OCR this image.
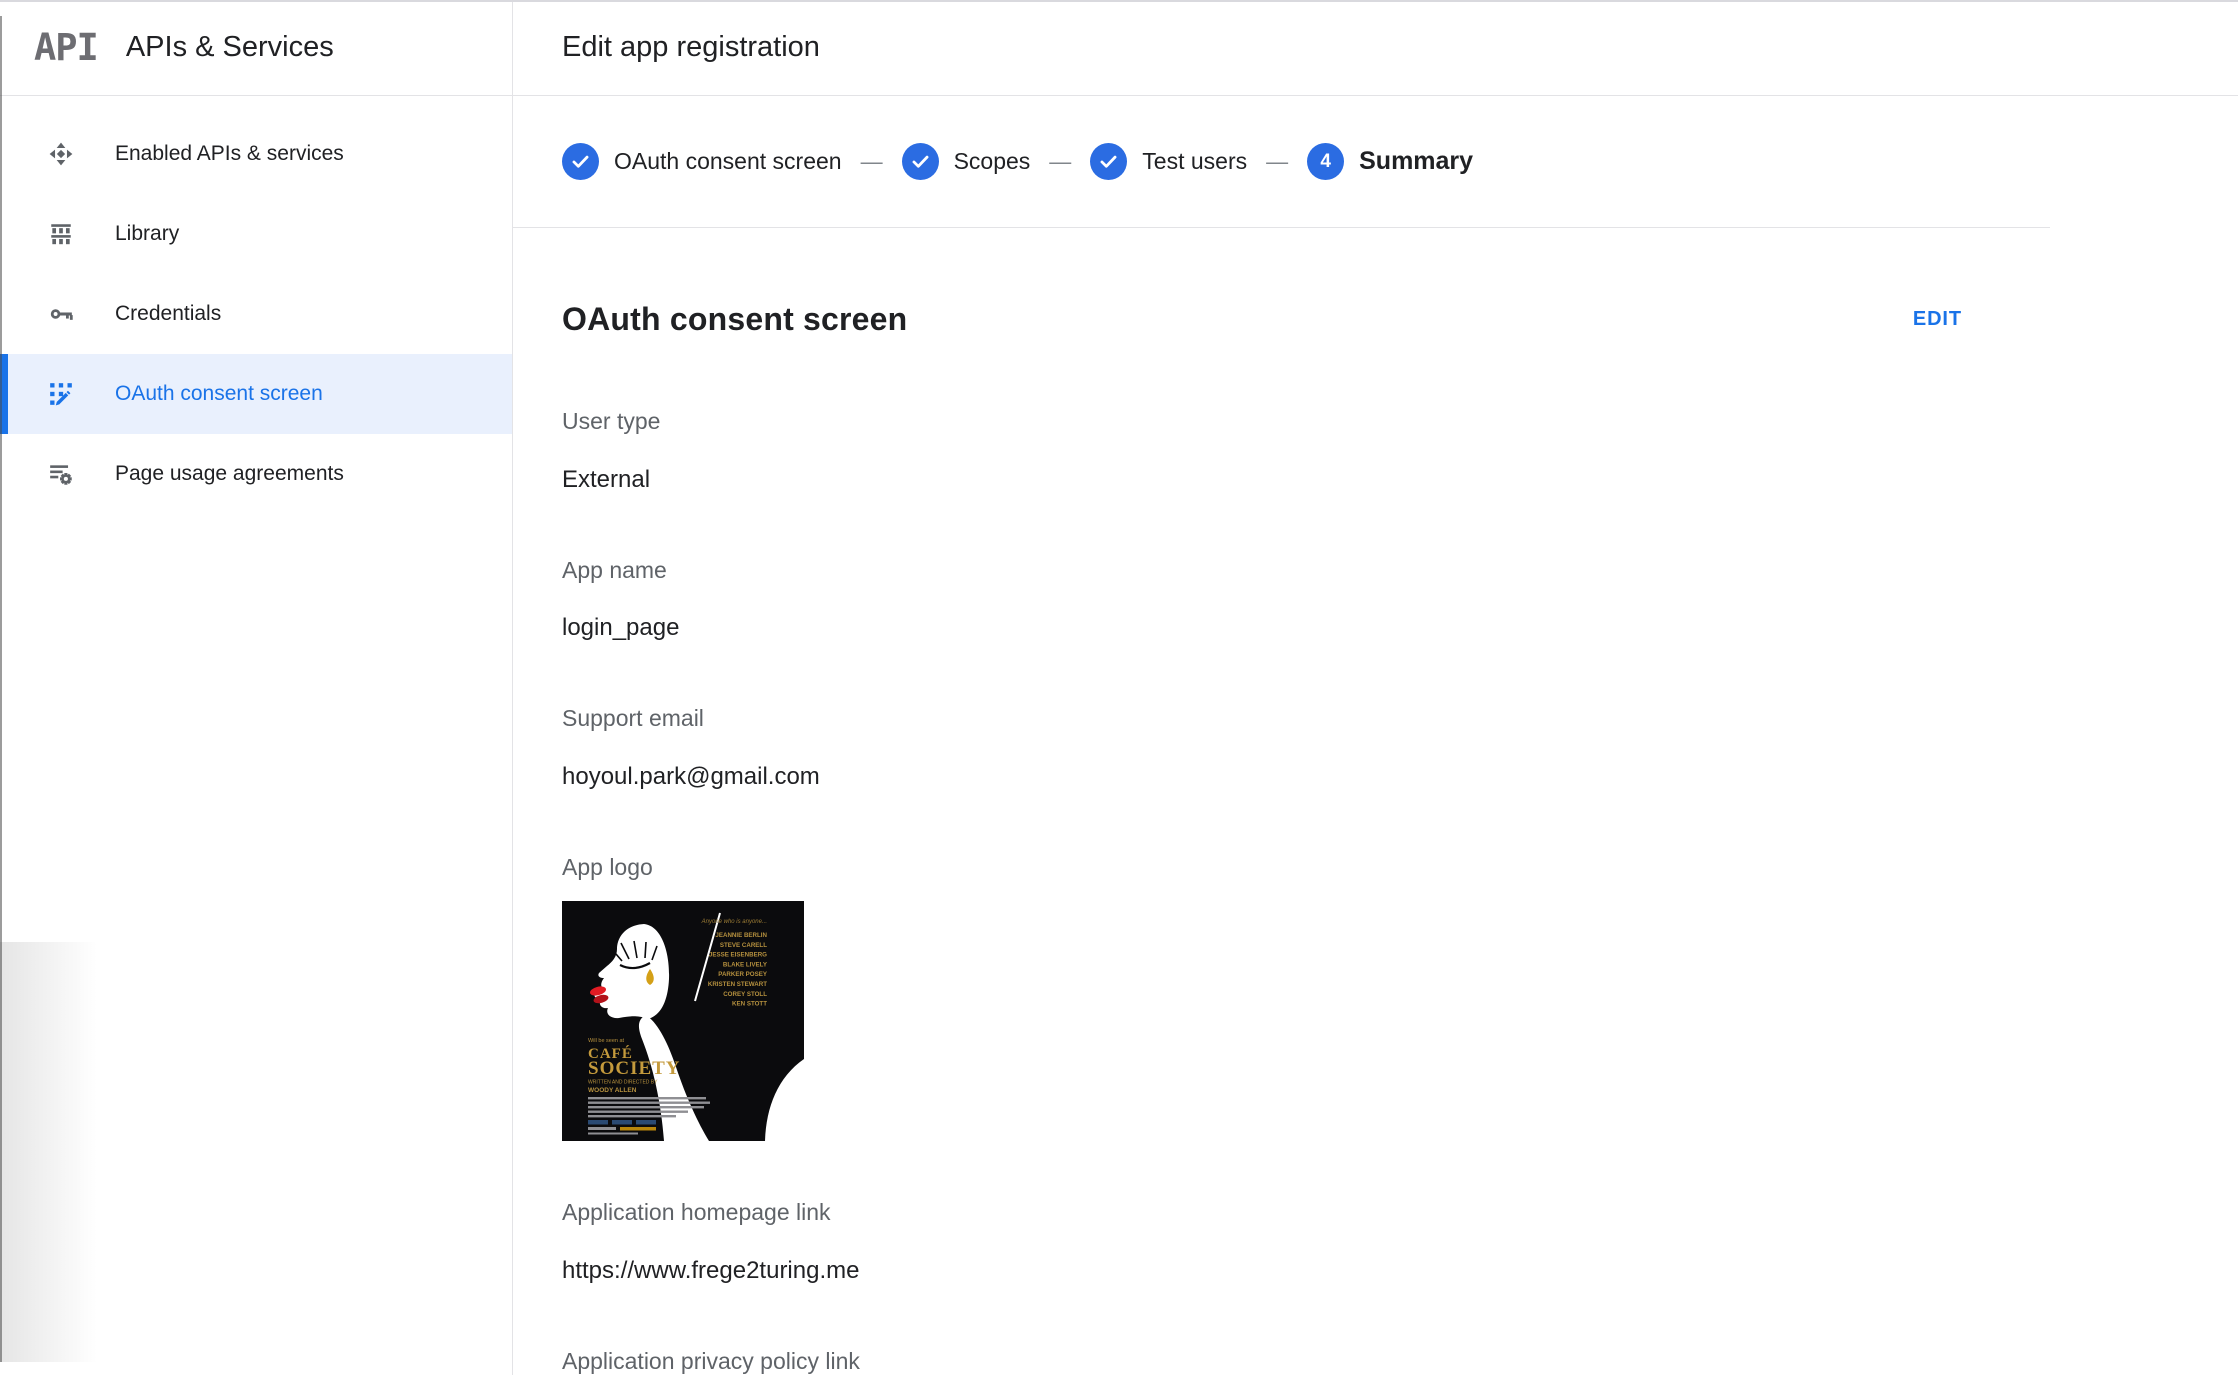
API APIs & Services	Edit app registration
Enabled APIs & services
Library
Credentials
OAuth consent screen
Page usage agreements
OAuth consent screen —	Scopes —	Test users — 4 Summary
OAuth consent screen	EDIT
User type
External
App name
login_page
Support email
hoyoul.park@gmail.com
App logo
Anyone who is anyone...
JEANNIE BERLIN
STEVE CARELL
JESSE EISENBERG
BLAKE LIVELY
PARKER POSEY
KRISTEN STEWART
COREY STOLL
KEN STOTT
Will be seen at
CAFÉ
SOCIETY
WRITTEN AND DIRECTED BY
WOODY ALLEN
Application homepage link
https://www.frege2turing.me
Application privacy policy link
